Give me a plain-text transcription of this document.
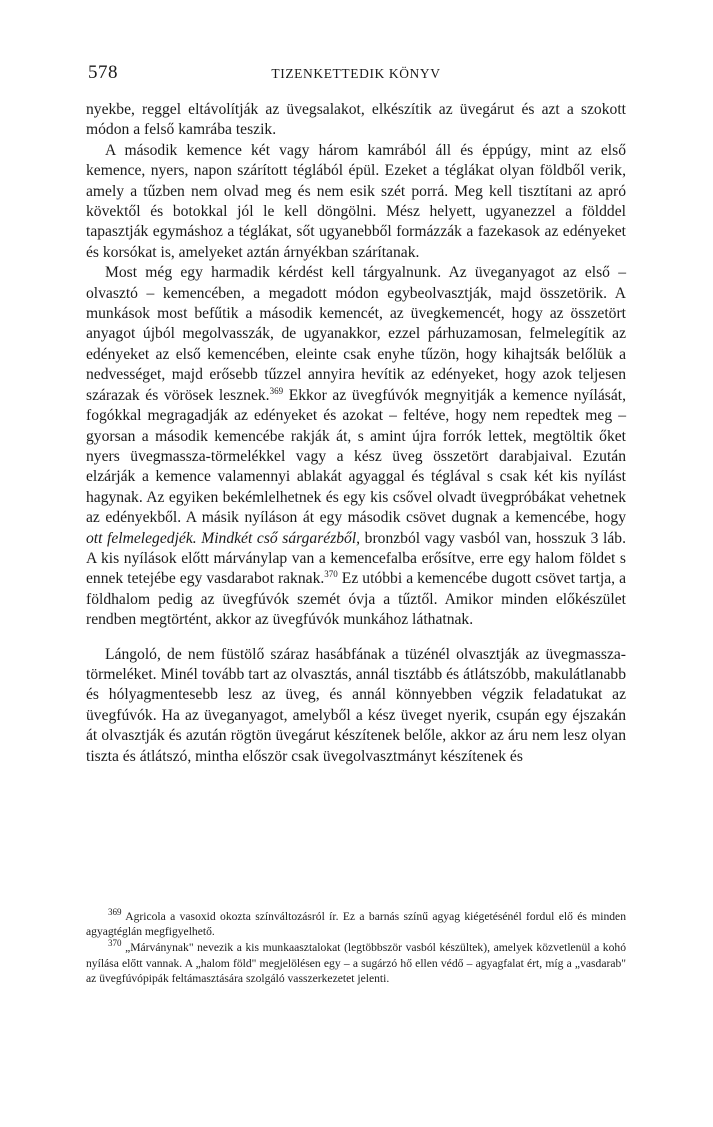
578	TIZENKETTEDIK KÖNYV

nyekbe, reggel eltávolítják az üvegsalakot, elkészítik az üvegárut és azt a szokott módon a felső kamrába teszik.

A második kemence két vagy három kamrából áll és éppúgy, mint az első kemence, nyers, napon szárított téglából épül. Ezeket a téglákat olyan földből verik, amely a tűzben nem olvad meg és nem esik szét porrá. Meg kell tisztítani az apró kövektől és botokkal jól le kell döngölni. Mész helyett, ugyanezzel a földdel tapasztják egymáshoz a téglákat, sőt ugyanebből formázzák a fazekasok az edényeket és korsókat is, amelyeket aztán árnyékban szárítanak.

Most még egy harmadik kérdést kell tárgyalnunk. Az üveganyagot az első – olvasztó – kemencében, a megadott módon egybeolvasztják, majd összetörik. A munkások most befűtik a második kemencét, az üvegkemencét, hogy az összetört anyagot újból megolvasszák, de ugyanakkor, ezzel párhuzamosan, felmelegítik az edényeket az első kemencében, eleinte csak enyhe tűzön, hogy kihajtsák belőlük a nedvességet, majd erősebb tűzzel annyira hevítik az edényeket, hogy azok teljesen szárazak és vörösek lesznek.$^{369}$ Ekkor az üvegfúvók megnyitják a kemence nyílását, fogókkal megragadják az edényeket és azokat – feltéve, hogy nem repedtek meg – gyorsan a második kemencébe rakják át, s amint újra forrók lettek, megtöltik őket nyers üvegmassza-törmelékkel vagy a kész üveg összetört darabjaival. Ezután elzárják a kemence valamennyi ablakát agyaggal és téglával s csak két kis nyílást hagynak. Az egyiken bekémlelhetnek és egy kis csővel olvadt üvegpróbákat vehetnek az edényekből. A másik nyíláson át egy második csövet dugnak a kemencébe, hogy ott felmelegedjék. Mindkét cső sárgarézből, bronzból vagy vasból van, hosszuk 3 láb. A kis nyílások előtt márványlap van a kemencefalba erősítve, erre egy halom földet s ennek tetejébe egy vasdarabot raknak.$^{370}$ Ez utóbbi a kemencébe dugott csövet tartja, a földhalom pedig az üvegfúvók szemét óvja a tűztől. Amikor minden előkészület rendben megtörtént, akkor az üvegfúvók munkához láthatnak.

Lángoló, de nem füstölő száraz hasábfának a tüzénél olvasztják az üvegmassza-törmeléket. Minél tovább tart az olvasztás, annál tisztább és átlátszóbb, makulátlanabb és hólyagmentesebb lesz az üveg, és annál könnyebben végzik feladatukat az üvegfúvók. Ha az üveganyagot, amelyből a kész üveget nyerik, csupán egy éjszakán át olvasztják és azután rögtön üvegárut készítenek belőle, akkor az áru nem lesz olyan tiszta és átlátszó, mintha először csak üvegolvasztmányt készítenek és

$^{369}$ Agricola a vasoxid okozta színváltozásról ír. Ez a barnás színű agyag kiégetésénél fordul elő és minden agyagtéglán megfigyelhető.

$^{370}$ „Márványnak" nevezik a kis munkaasztalokat (legtöbbször vasból készültek), amelyek közvetlenül a kohó nyílása előtt vannak. A „halom föld" megjelölésen egy – a sugárzó hő ellen védő – agyagfalat ért, míg a „vasdarab" az üvegfúvópipák feltámasztására szolgáló vasszerkezetet jelenti.
